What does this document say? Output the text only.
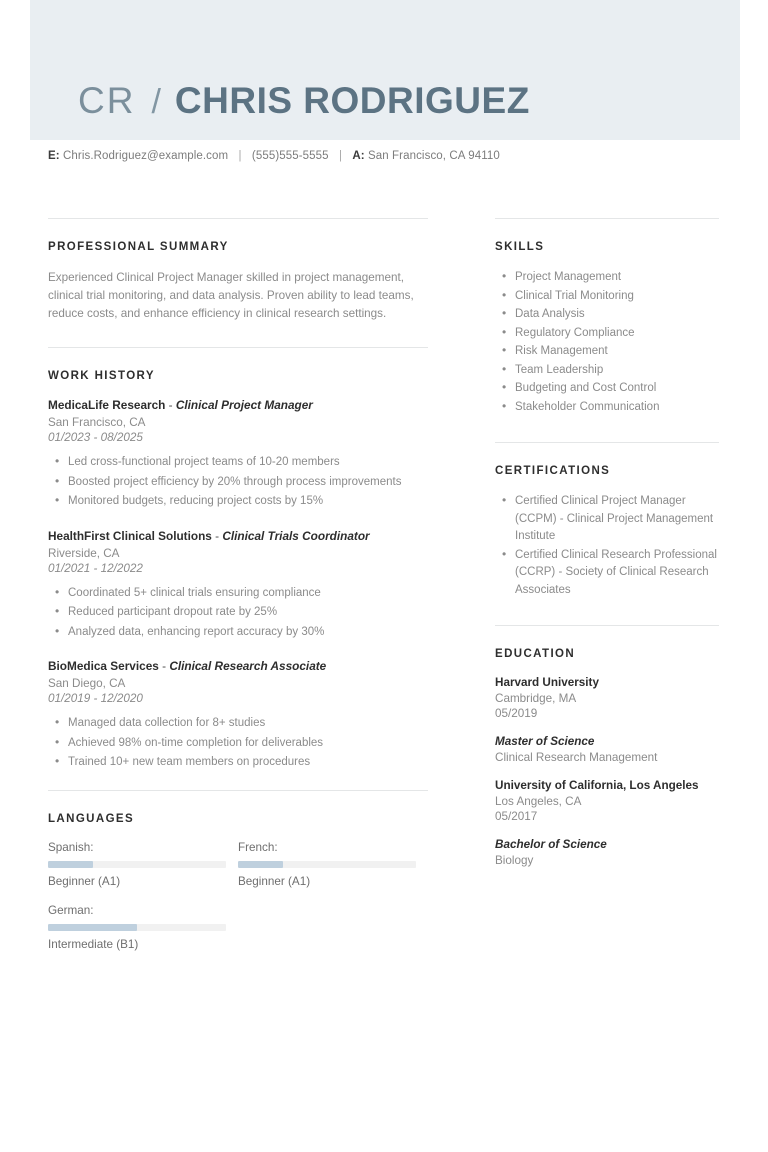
CR / CHRIS RODRIGUEZ
E: Chris.Rodriguez@example.com | (555)555-5555 | A: San Francisco, CA 94110
PROFESSIONAL SUMMARY
Experienced Clinical Project Manager skilled in project management, clinical trial monitoring, and data analysis. Proven ability to lead teams, reduce costs, and enhance efficiency in clinical research settings.
WORK HISTORY
MedicaLife Research - Clinical Project Manager
San Francisco, CA
01/2023 - 08/2025
• Led cross-functional project teams of 10-20 members
• Boosted project efficiency by 20% through process improvements
• Monitored budgets, reducing project costs by 15%
HealthFirst Clinical Solutions - Clinical Trials Coordinator
Riverside, CA
01/2021 - 12/2022
• Coordinated 5+ clinical trials ensuring compliance
• Reduced participant dropout rate by 25%
• Analyzed data, enhancing report accuracy by 30%
BioMedica Services - Clinical Research Associate
San Diego, CA
01/2019 - 12/2020
• Managed data collection for 8+ studies
• Achieved 98% on-time completion for deliverables
• Trained 10+ new team members on procedures
LANGUAGES
Spanish:
Beginner (A1)
French:
Beginner (A1)
German:
Intermediate (B1)
SKILLS
• Project Management
• Clinical Trial Monitoring
• Data Analysis
• Regulatory Compliance
• Risk Management
• Team Leadership
• Budgeting and Cost Control
• Stakeholder Communication
CERTIFICATIONS
• Certified Clinical Project Manager (CCPM) - Clinical Project Management Institute
• Certified Clinical Research Professional (CCRP) - Society of Clinical Research Associates
EDUCATION
Harvard University
Cambridge, MA
05/2019
Master of Science
Clinical Research Management
University of California, Los Angeles
Los Angeles, CA
05/2017
Bachelor of Science
Biology
